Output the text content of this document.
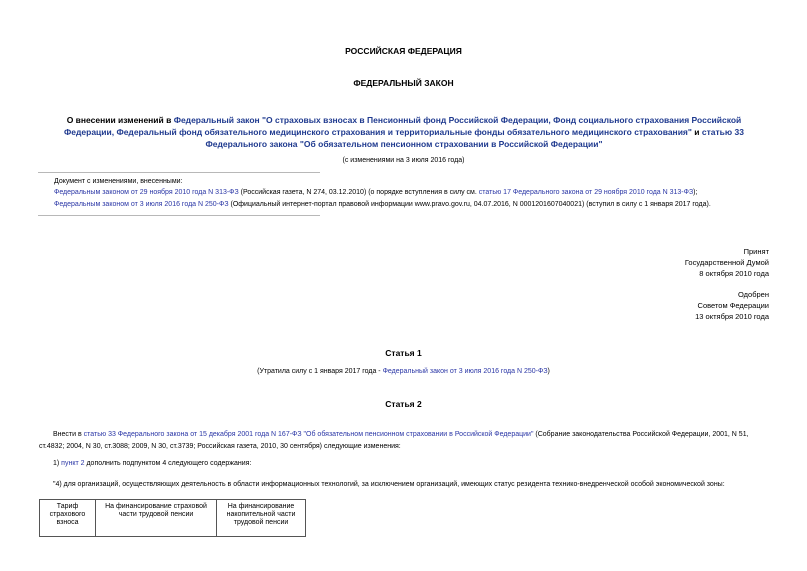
РОССИЙСКАЯ ФЕДЕРАЦИЯ
ФЕДЕРАЛЬНЫЙ ЗАКОН
О внесении изменений в Федеральный закон "О страховых взносах в Пенсионный фонд Российской Федерации, Фонд социального страхования Российской Федерации, Федеральный фонд обязательного медицинского страхования и территориальные фонды обязательного медицинского страхования" и статью 33 Федерального закона "Об обязательном пенсионном страховании в Российской Федерации"
(с изменениями на 3 июля 2016 года)
Документ с изменениями, внесенными:
Федеральным законом от 29 ноября 2010 года N 313-ФЗ (Российская газета, N 274, 03.12.2010) (о порядке вступления в силу см. статью 17 Федерального закона от 29 ноября 2010 года N 313-ФЗ);
Федеральным законом от 3 июля 2016 года N 250-ФЗ (Официальный интернет-портал правовой информации www.pravo.gov.ru, 04.07.2016, N 0001201607040021) (вступил в силу с 1 января 2017 года).
Принят
Государственной Думой
8 октября 2010 года
Одобрен
Советом Федерации
13 октября 2010 года
Статья 1
(Утратила силу с 1 января 2017 года - Федеральный закон от 3 июля 2016 года N 250-ФЗ)
Статья 2
Внести в статью 33 Федерального закона от 15 декабря 2001 года N 167-ФЗ "Об обязательном пенсионном страховании в Российской Федерации" (Собрание законодательства Российской Федерации, 2001, N 51, ст.4832; 2004, N 30, ст.3088; 2009, N 30, ст.3739; Российская газета, 2010, 30 сентября) следующие изменения:
1) пункт 2 дополнить подпунктом 4 следующего содержания:
"4) для организаций, осуществляющих деятельность в области информационных технологий, за исключением организаций, имеющих статус резидента технико-внедренческой особой экономической зоны:
Тариф страхового взноса	На финансирование страховой части трудовой пенсии	На финансирование накопительной части трудовой пенсии
